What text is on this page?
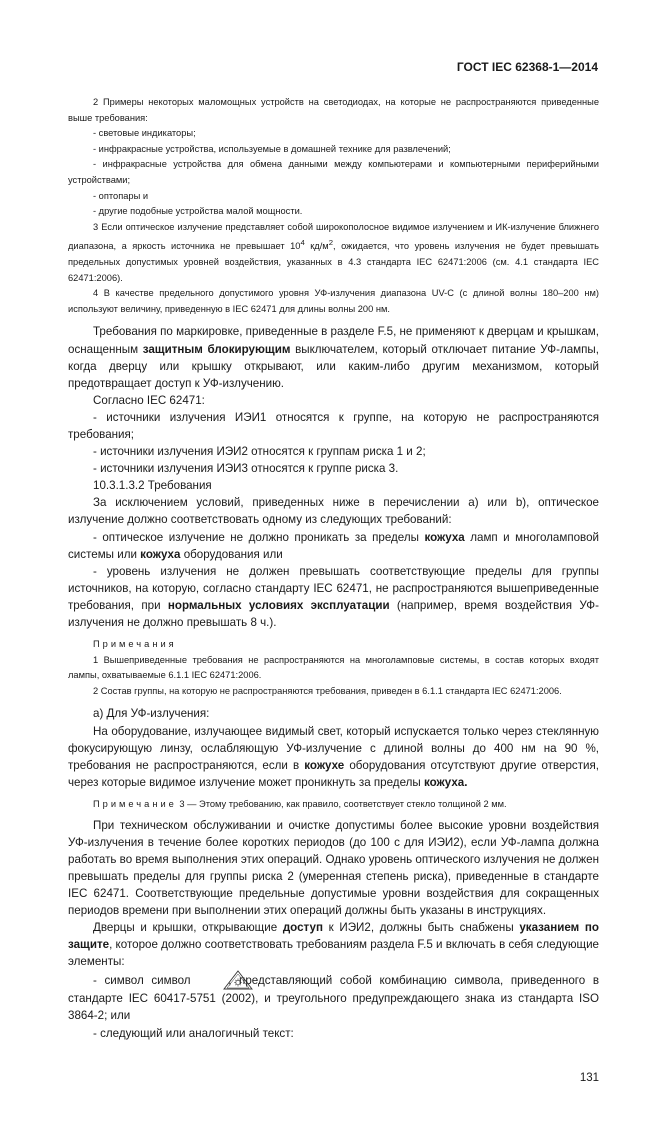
ГОСТ IEC 62368-1—2014

2 Примеры некоторых маломощных устройств на светодиодах, на которые не распространяются приведенные выше требования:

- световые индикаторы;

- инфракрасные устройства, используемые в домашней технике для развлечений;

- инфракрасные устройства для обмена данными между компьютерами и компьютерными периферийными устройствами;

- оптопары и

- другие подобные устройства малой мощности.

3 Если оптическое излучение представляет собой широкополосное видимое излучением и ИК-излучение ближнего диапазона, а яркость источника не превышает $10^4$ $кд/м^2$, ожидается, что уровень излучения не будет превышать предельных допустимых уровней воздействия, указанных в 4.3 стандарта IEC 62471:2006 (см. 4.1 стандарта IEC 62471:2006).

4 В качестве предельного допустимого уровня УФ-излучения диапазона UV-C (с длиной волны 180–200 нм) используют величину, приведенную в IEC 62471 для длины волны 200 нм.

Требования по маркировке, приведенные в разделе F.5, не применяют к дверцам и крышкам, оснащенным защитным блокирующим выключателем, который отключает питание УФ-лампы, когда дверцу или крышку открывают, или каким-либо другим механизмом, который предотвращает доступ к УФ-излучению.

Согласно IEC 62471:

- источники излучения ИЭИ1 относятся к группе, на которую не распространяются требования;

- источники излучения ИЭИ2 относятся к группам риска 1 и 2;

- источники излучения ИЭИ3 относятся к группе риска 3.

10.3.1.3.2 Требования

За исключением условий, приведенных ниже в перечислении a) или b), оптическое излучение должно соответствовать одному из следующих требований:

- оптическое излучение не должно проникать за пределы кожуха ламп и многоламповой системы или кожуха оборудования или

- уровень излучения не должен превышать соответствующие пределы для группы источников, на которую, согласно стандарту IEC 62471, не распространяются вышеприведенные требования, при нормальных условиях эксплуатации (например, время воздействия УФ-излучения не должно превышать 8 ч.).

Примечания

1 Вышеприведенные требования не распространяются на многоламповые системы, в состав которых входят лампы, охватываемые 6.1.1 IEC 62471:2006.

2 Состав группы, на которую не распространяются требования, приведен в 6.1.1 стандарта IEC 62471:2006.

а) Для УФ-излучения:

На оборудование, излучающее видимый свет, который испускается только через стеклянную фокусирующую линзу, ослабляющую УФ-излучение с длиной волны до 400 нм на 90 %, требования не распространяются, если в кожухе оборудования отсутствуют другие отверстия, через которые видимое излучение может проникнуть за пределы кожуха.

Примечание 3 — Этому требованию, как правило, соответствует стекло толщиной 2 мм.

При техническом обслуживании и очистке допустимы более высокие уровни воздействия УФ-излучения в течение более коротких периодов (до 100 с для ИЭИ2), если УФ-лампа должна работать во время выполнения этих операций. Однако уровень оптического излучения не должен превышать пределы для группы риска 2 (умеренная степень риска), приведенные в стандарте IEC 62471. Соответствующие предельные допустимые уровни воздействия для сокращенных периодов времени при выполнении этих операций должны быть указаны в инструкциях.

Дверцы и крышки, открывающие доступ к ИЭИ2, должны быть снабжены указанием по защите, которое должно соответствовать требованиям раздела F.5 и включать в себя следующие элементы:

- символ символ	, представляющий собой комбинацию символа, приведенного в стандарте IEC 60417-5751 (2002), и треугольного предупреждающего знака из стандарта ISO 3864-2; или

- следующий или аналогичный текст:

131
